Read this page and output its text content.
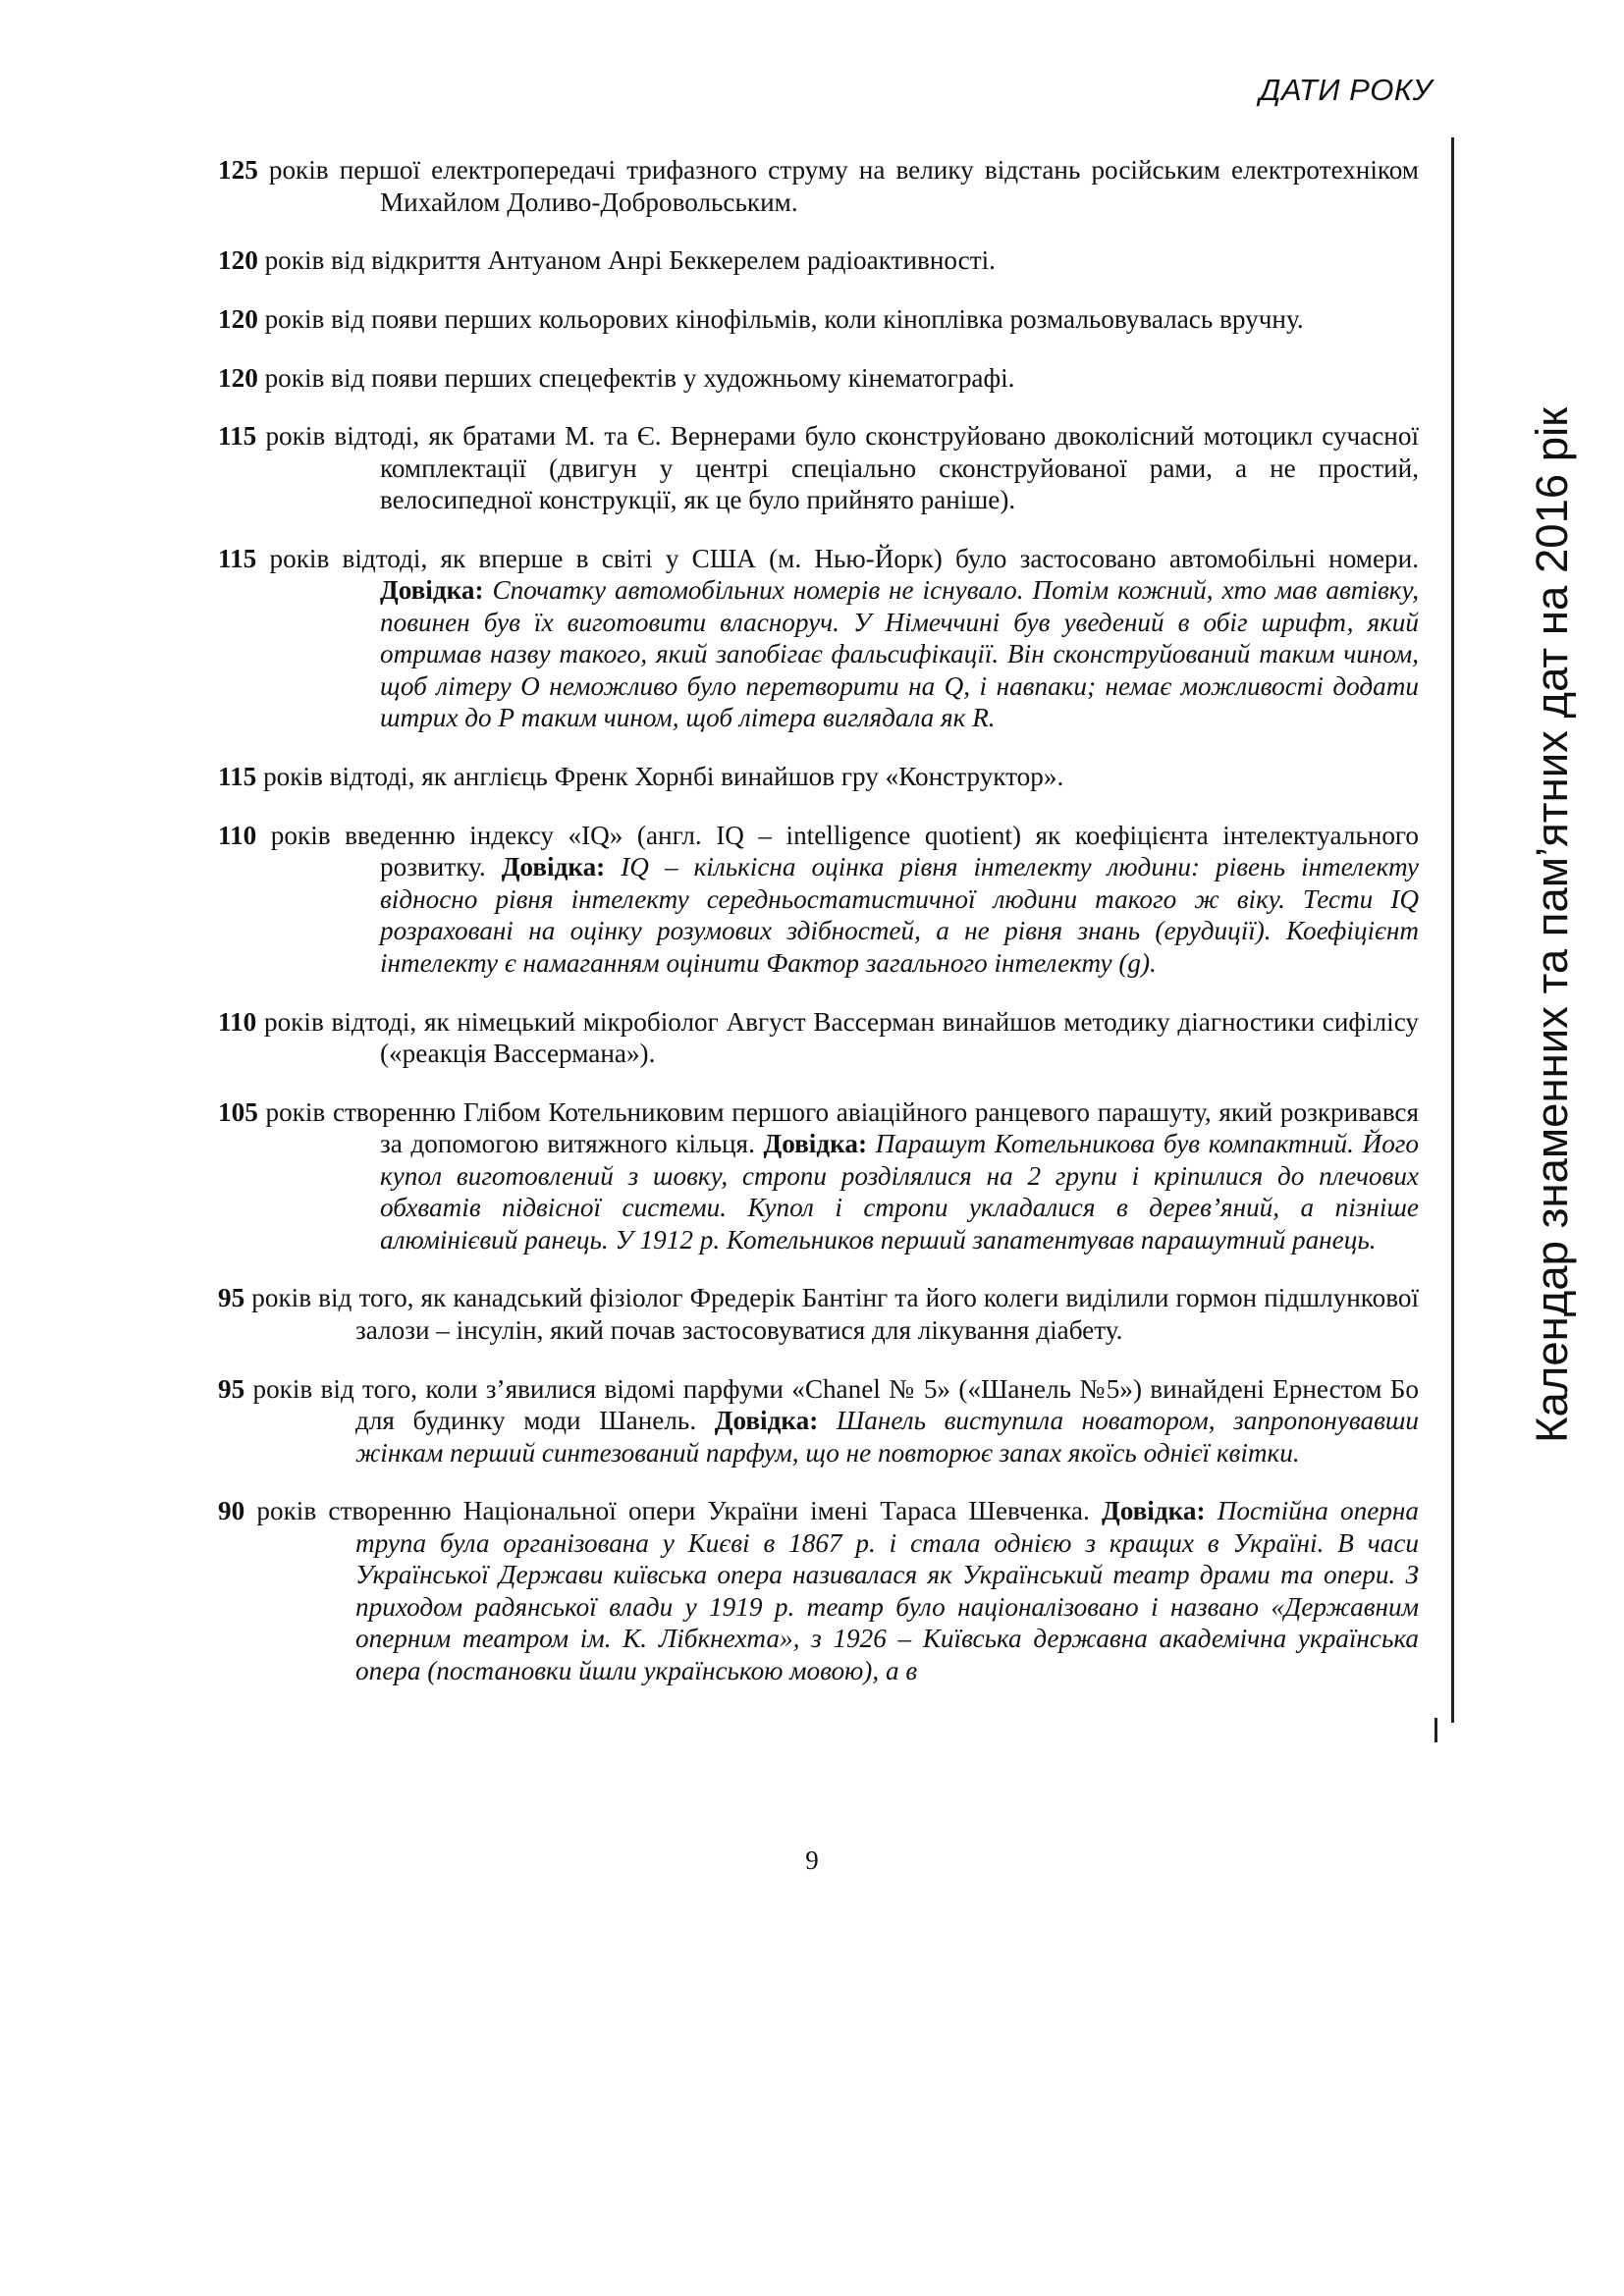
ДАТИ РОКУ
Календар знаменних та пам’ятних дат на 2016 рік

125 років першої електропередачі трифазного струму на велику відстань російським електротехніком Михайлом Доливо-Добровольським.

120 років від відкриття Антуаном Анрі Беккерелем радіоактивності.

120 років від появи перших кольорових кінофільмів, коли кіноплівка розмальовувалась вручну.

120 років від появи перших спецефектів у художньому кінематографі.

115 років відтоді, як братами М. та Є. Вернерами було сконструйовано двоколісний мотоцикл сучасної комплектації (двигун у центрі спеціально сконструйованої рами, а не простий, велосипедної конструкції, як це було прийнято раніше).

115 років відтоді, як вперше в світі у США (м. Нью-Йорк) було застосовано автомобільні номери. Довідка: Спочатку автомобільних номерів не існувало. Потім кожний, хто мав автівку, повинен був їх виготовити власноруч. У Німеччині був уведений в обіг шрифт, який отримав назву такого, який запобігає фальсифікації. Він сконструйований таким чином, щоб літеру О неможливо було перетворити на Q, і навпаки; немає можливості додати штрих до Р таким чином, щоб літера виглядала як R.

115 років відтоді, як англієць Френк Хорнбі винайшов гру «Конструктор».

110 років введенню індексу «IQ» (англ. IQ – intelligence quotient) як коефіцієнта інтелектуального розвитку. Довідка: IQ – кількісна оцінка рівня інтелекту людини: рівень інтелекту відносно рівня інтелекту середньостатистичної людини такого ж віку. Тести IQ розраховані на оцінку розумових здібностей, а не рівня знань (ерудиції). Коефіцієнт інтелекту є намаганням оцінити Фактор загального інтелекту (g).

110 років відтоді, як німецький мікробіолог Август Вассерман винайшов методику діагностики сифілісу («реакція Вассермана»).

105 років створенню Глібом Котельниковим першого авіаційного ранцевого парашуту, який розкривався за допомогою витяжного кільця. Довідка: Парашут Котельникова був компактний. Його купол виготовлений з шовку, стропи розділялися на 2 групи і кріпилися до плечових обхватів підвісної системи. Купол і стропи укладалися в дерев’яний, а пізніше алюмінієвий ранець. У 1912 р. Котельников перший запатентував парашутний ранець.

95 років від того, як канадський фізіолог Фредерік Бантінг та його колеги виділили гормон підшлункової залози – інсулін, який почав застосовуватися для лікування діабету.

95 років від того, коли з’явилися відомі парфуми «Chanel № 5» («Шанель №5») винайдені Ернестом Бо для будинку моди Шанель. Довідка: Шанель виступила новатором, запропонувавши жінкам перший синтезований парфум, що не повторює запах якоїсь однієї квітки.

90 років створенню Національної опери України імені Тараса Шевченка. Довідка: Постійна оперна трупа була організована у Києві в 1867 р. і стала однією з кращих в Україні. В часи Української Держави київська опера називалася як Український театр драми та опери. З приходом радянської влади у 1919 р. театр було націоналізовано і названо «Державним оперним театром ім. К. Лібкнехта», з 1926 – Київська державна академічна українська опера (постановки йшли українською мовою), а в

9
